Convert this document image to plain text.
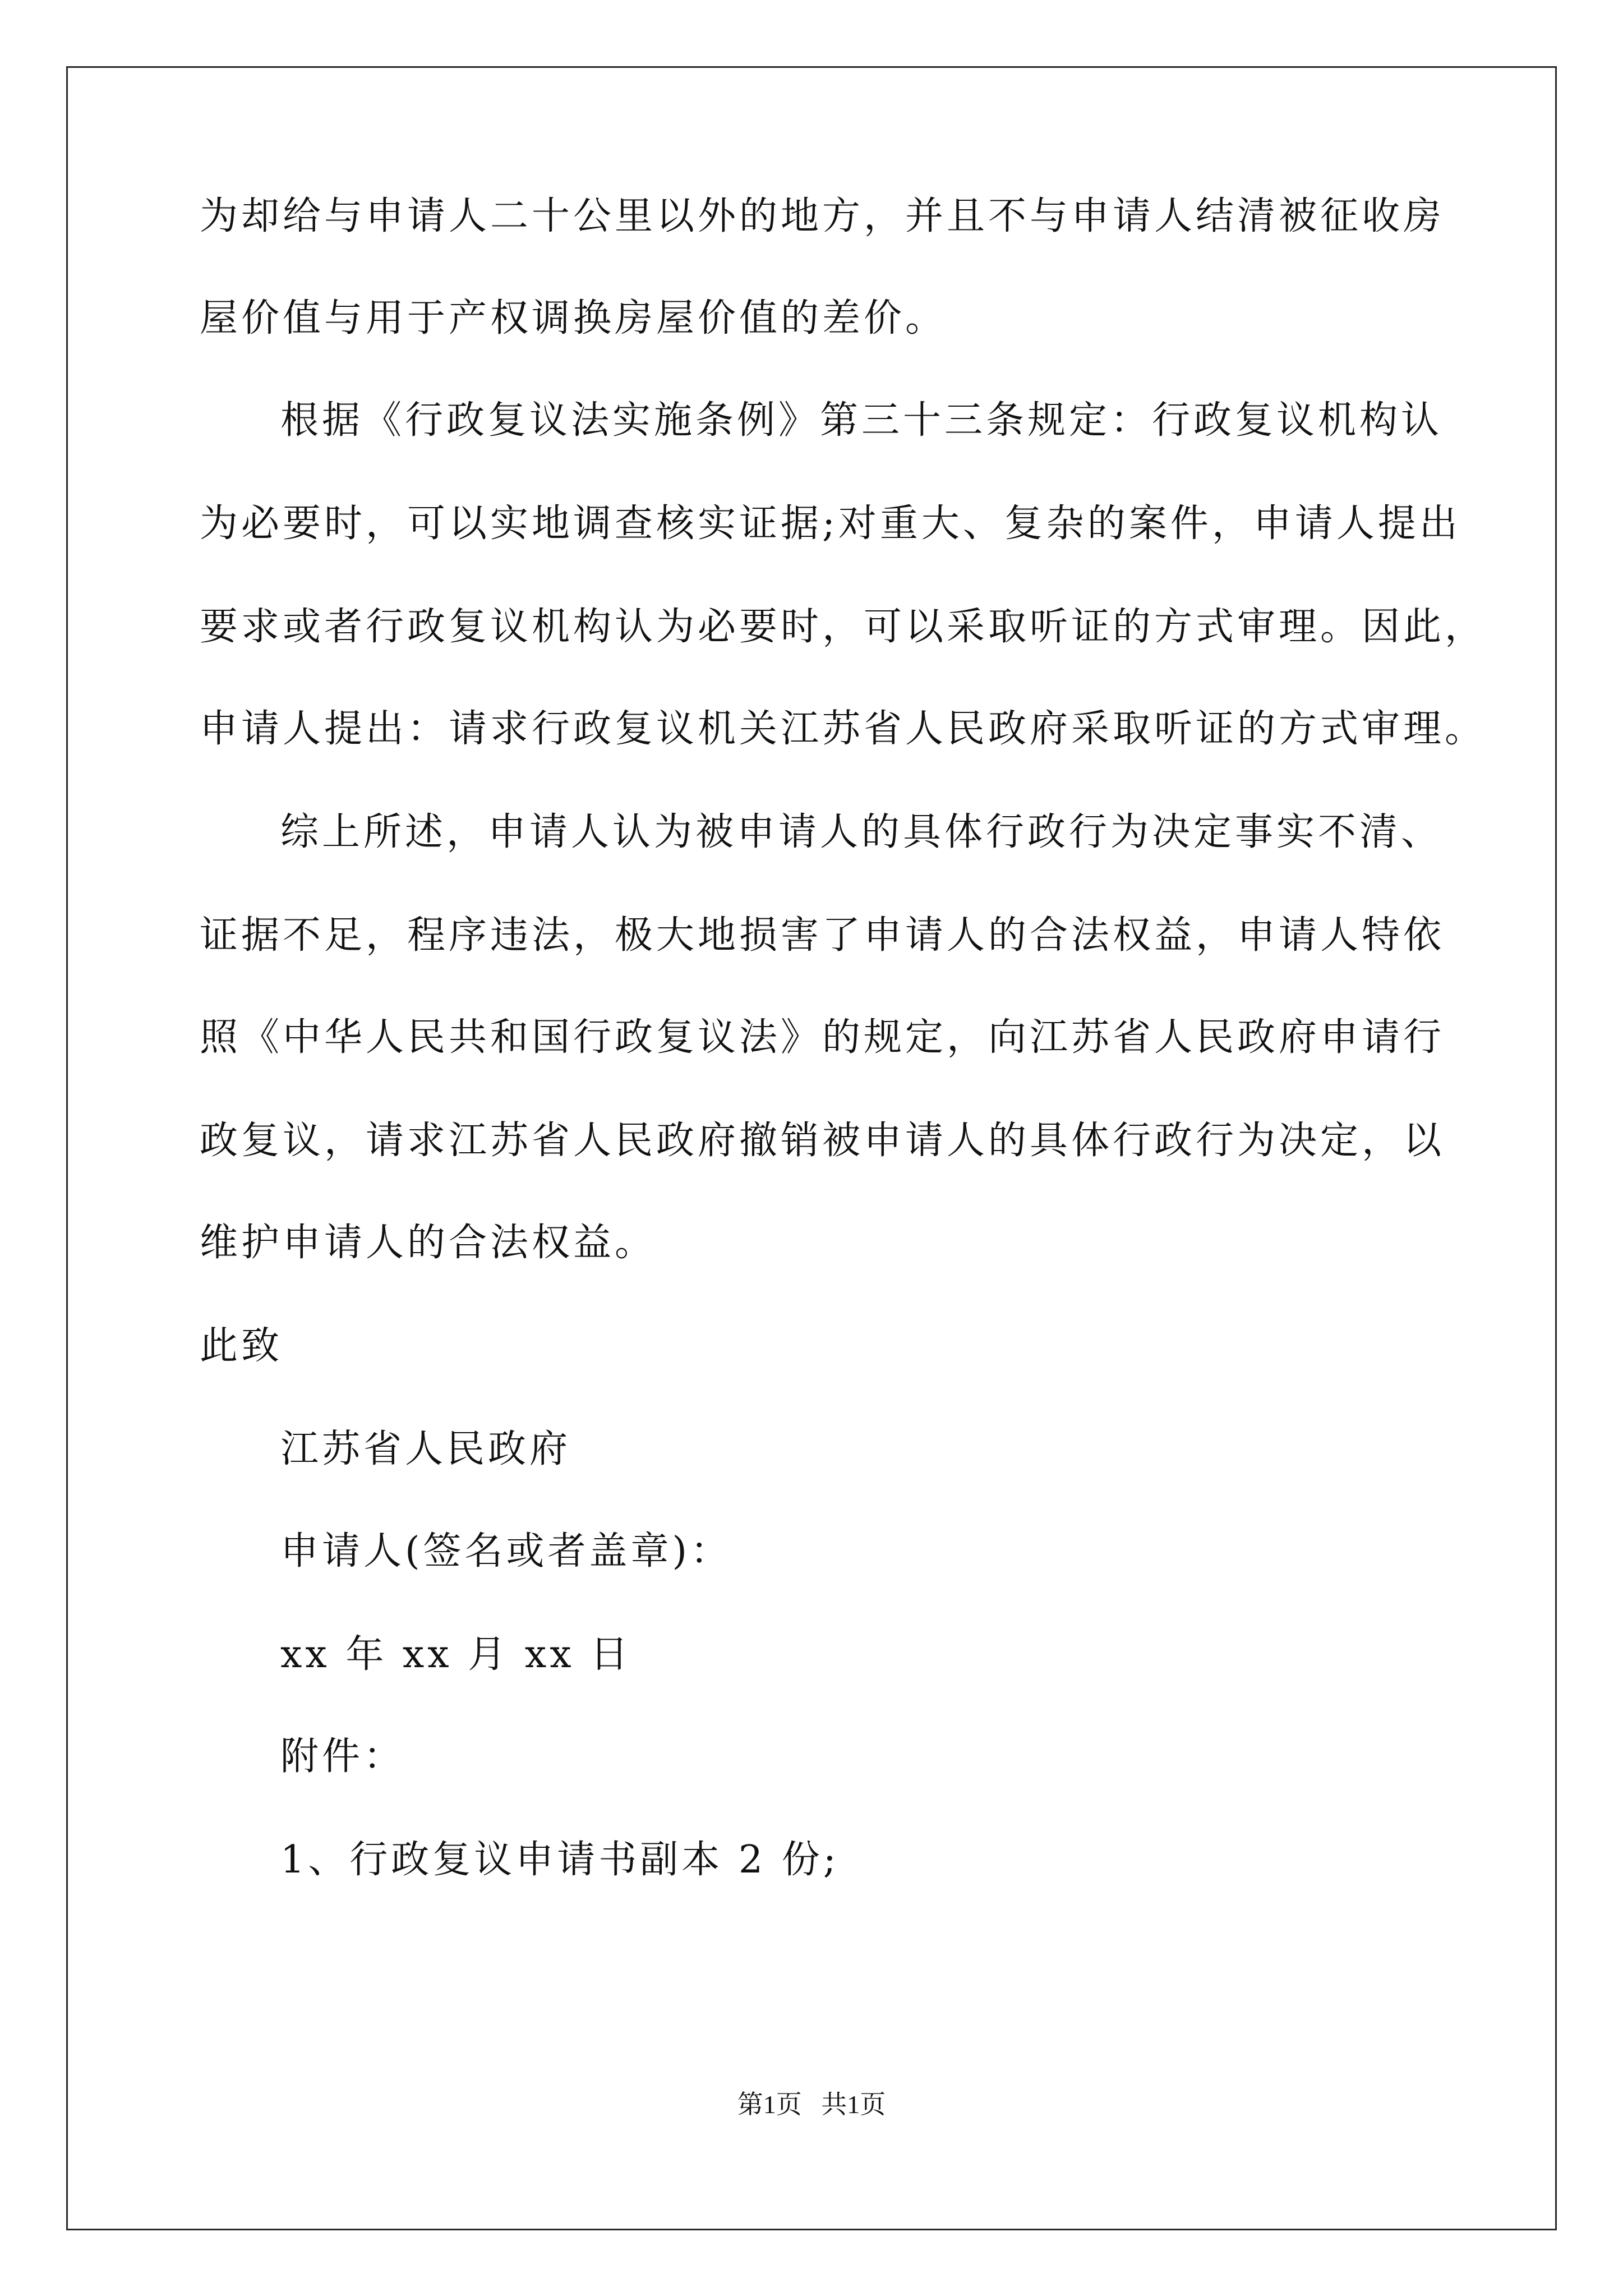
为却给与申请人二十公里以外的地方，并且不与申请人结清被征收房
屋价值与用于产权调换房屋价值的差价。
根据《行政复议法实施条例》第三十三条规定：行政复议机构认
为必要时，可以实地调查核实证据;对重大、复杂的案件，申请人提出
要求或者行政复议机构认为必要时，可以采取听证的方式审理。因此，
申请人提出：请求行政复议机关江苏省人民政府采取听证的方式审理。
综上所述，申请人认为被申请人的具体行政行为决定事实不清、
证据不足，程序违法，极大地损害了申请人的合法权益，申请人特依
照《中华人民共和国行政复议法》的规定，向江苏省人民政府申请行
政复议，请求江苏省人民政府撤销被申请人的具体行政行为决定，以
维护申请人的合法权益。
此致
江苏省人民政府
申请人(签名或者盖章)：
xx 年 xx 月 xx 日
附件：
1、行政复议申请书副本 2 份;
第1页   共1页
